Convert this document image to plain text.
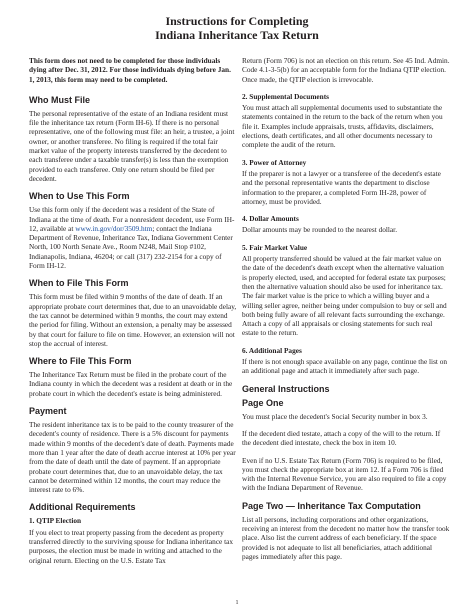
Instructions for Completing
Indiana Inheritance Tax Return

This form does not need to be completed for those individuals dying after Dec. 31, 2012. For those individuals dying before Jan. 1, 2013, this form may need to be completed.

Who Must File

The personal representative of the estate of an Indiana resident must file the inheritance tax return (Form IH-6). If there is no personal representative, one of the following must file: an heir, a trustee, a joint owner, or another transferee. No filing is required if the total fair market value of the property interests transferred by the decedent to each transferee under a taxable transfer(s) is less than the exemption provided to each transferee. Only one return should be filed per decedent.

When to Use This Form

Use this form only if the decedent was a resident of the State of Indiana at the time of death. For a nonresident decedent, use Form IH-12, available at www.in.gov/dor/3509.htm; contact the Indiana Department of Revenue, Inheritance Tax, Indiana Government Center North, 100 North Senate Ave., Room N248, Mail Stop #102, Indianapolis, Indiana, 46204; or call (317) 232-2154 for a copy of Form IH-12.

When to File This Form

This form must be filed within 9 months of the date of death. If an appropriate probate court determines that, due to an unavoidable delay, the tax cannot be determined within 9 months, the court may extend the period for filing. Without an extension, a penalty may be assessed by that court for failure to file on time. However, an extension will not stop the accrual of interest.

Where to File This Form

The Inheritance Tax Return must be filed in the probate court of the Indiana county in which the decedent was a resident at death or in the probate court in which the decedent's estate is being administered.

Payment

The resident inheritance tax is to be paid to the county treasurer of the decedent's county of residence. There is a 5% discount for payments made within 9 months of the decedent's date of death. Payments made more than 1 year after the date of death accrue interest at 10% per year from the date of death until the date of payment. If an appropriate probate court determines that, due to an unavoidable delay, the tax cannot be determined within 12 months, the court may reduce the interest rate to 6%.

Additional Requirements

1. QTIP Election

If you elect to treat property passing from the decedent as property transferred directly to the surviving spouse for Indiana inheritance tax purposes, the election must be made in writing and attached to the original return. Electing on the U.S. Estate Tax

Return (Form 706) is not an election on this return. See 45 Ind. Admin. Code 4.1-3-5(b) for an acceptable form for the Indiana QTIP election. Once made, the QTIP election is irrevocable.

2. Supplemental Documents

You must attach all supplemental documents used to substantiate the statements contained in the return to the back of the return when you file it. Examples include appraisals, trusts, affidavits, disclaimers, elections, death certificates, and all other documents necessary to complete the audit of the return.

3. Power of Attorney

If the preparer is not a lawyer or a transferee of the decedent's estate and the personal representative wants the department to disclose information to the preparer, a completed Form IH-28, power of attorney, must be provided.

4. Dollar Amounts

Dollar amounts may be rounded to the nearest dollar.

5. Fair Market Value

All property transferred should be valued at the fair market value on the date of the decedent's death except when the alternative valuation is properly elected, used, and accepted for federal estate tax purposes; then the alternative valuation should also be used for inheritance tax. The fair market value is the price to which a willing buyer and a willing seller agree, neither being under compulsion to buy or sell and both being fully aware of all relevant facts surrounding the exchange. Attach a copy of all appraisals or closing statements for such real estate to the return.

6. Additional Pages

If there is not enough space available on any page, continue the list on an additional page and attach it immediately after such page.

General Instructions
Page One

You must place the decedent's Social Security number in box 3.

If the decedent died testate, attach a copy of the will to the return. If the decedent died intestate, check the box in item 10.

Even if no U.S. Estate Tax Return (Form 706) is required to be filed, you must check the appropriate box at item 12. If a Form 706 is filed with the Internal Revenue Service, you are also required to file a copy with the Indiana Department of Revenue.

Page Two — Inheritance Tax Computation

List all persons, including corporations and other organizations, receiving an interest from the decedent no matter how the transfer took place. Also list the current address of each beneficiary. If the space provided is not adequate to list all beneficiaries, attach additional pages immediately after this page.

1
